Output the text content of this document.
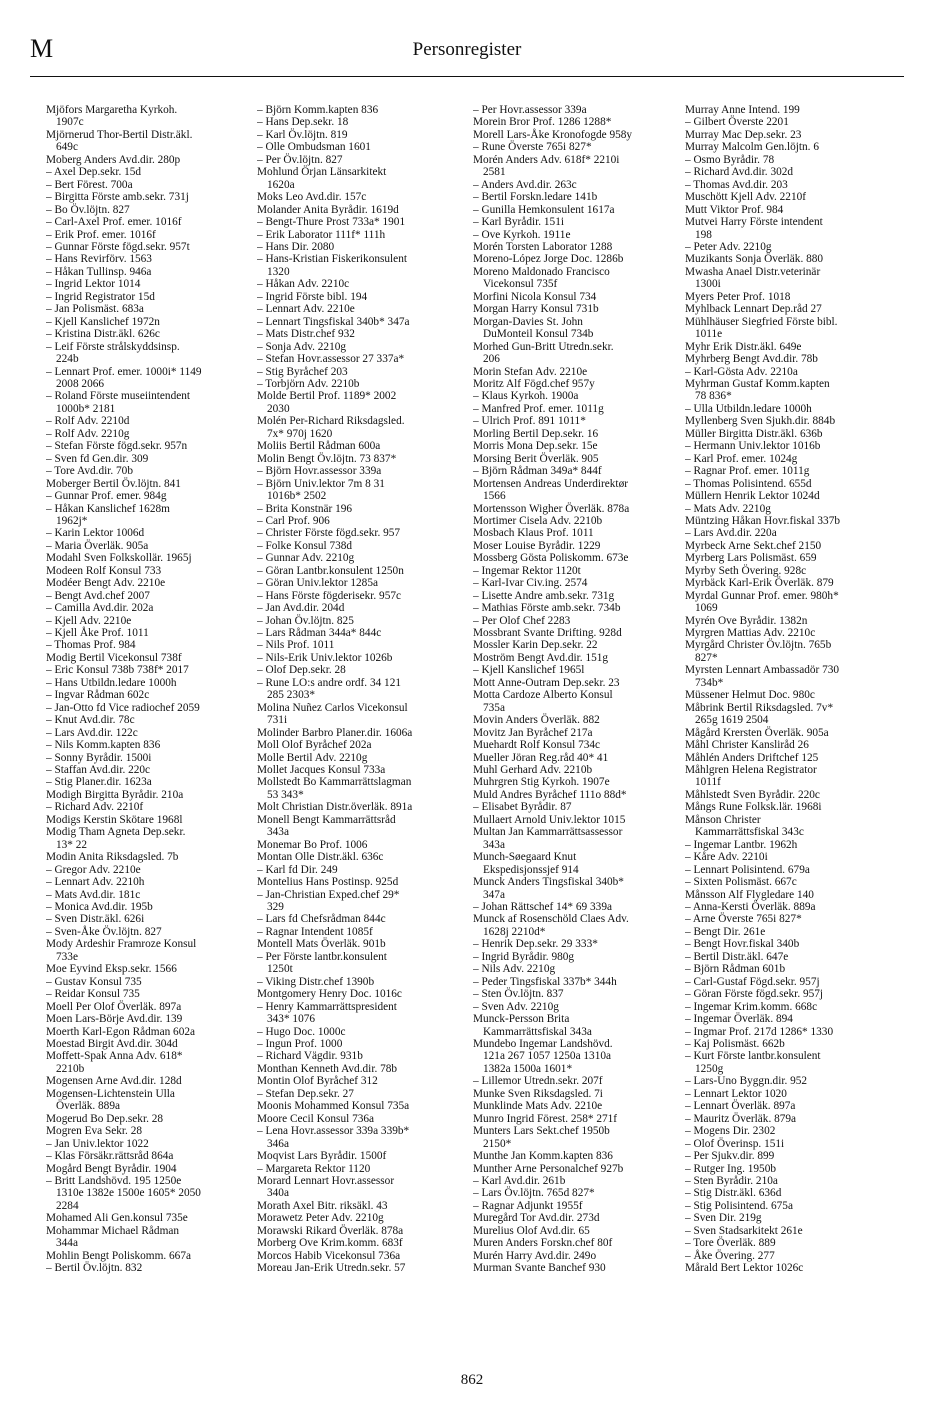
M	Personregister
Mjöfors Margaretha Kyrkoh.
1907c
Mjörnerud Thor-Bertil Distr.äkl.
649c
Moberg Anders Avd.dir. 280p
– Axel Dep.sekr. 15d
– Bert Förest. 700a
– Birgitta Förste amb.sekr. 731j
– Bo Öv.löjtn. 827
– Carl-Axel Prof. emer. 1016f
– Erik Prof. emer. 1016f
– Gunnar Förste fögd.sekr. 957t
– Hans Revirförv. 1563
– Håkan Tullinsp. 946a
– Ingrid Lektor 1014
– Ingrid Registrator 15d
– Jan Polismäst. 683a
– Kjell Kanslichef 1972n
– Kristina Distr.äkl. 626c
– Leif Förste strålskyddsinsp.
224b
– Lennart Prof. emer. 1000i* 1149
2008 2066
– Roland Förste museiintendent
1000b* 2181
– Rolf Adv. 2210d
– Rolf Adv. 2210g
– Stefan Förste fögd.sekr. 957n
– Sven fd Gen.dir. 309
– Tore Avd.dir. 70b
Moberger Bertil Öv.löjtn. 841
– Gunnar Prof. emer. 984g
– Håkan Kanslichef 1628m
1962j*
– Karin Lektor 1006d
– Maria Överläk. 905a
Modahl Sven Folkskollär. 1965j
Modeen Rolf Konsul 733
Modéer Bengt Adv. 2210e
– Bengt Avd.chef 2007
– Camilla Avd.dir. 202a
– Kjell Adv. 2210e
– Kjell Åke Prof. 1011
– Thomas Prof. 984
Modig Bertil Vicekonsul 738f
– Eric Konsul 738b 738f* 2017
– Hans Utbildn.ledare 1000h
– Ingvar Rådman 602c
– Jan-Otto fd Vice radiochef 2059
– Knut Avd.dir. 78c
– Lars Avd.dir. 122c
– Nils Komm.kapten 836
– Sonny Byrådir. 1500i
– Staffan Avd.dir. 220c
– Stig Planer.dir. 1623a
Modigh Birgitta Byrådir. 210a
– Richard Adv. 2210f
Modigs Kerstin Skötare 1968l
Modig Tham Agneta Dep.sekr.
13* 22
Modin Anita Riksdagsled. 7b
– Gregor Adv. 2210e
– Lennart Adv. 2210h
– Mats Avd.dir. 181c
– Monica Avd.dir. 195b
– Sven Distr.äkl. 626i
– Sven-Åke Öv.löjtn. 827
Mody Ardeshir Framroze Konsul
733e
Moe Eyvind Eksp.sekr. 1566
– Gustav Konsul 735
– Reidar Konsul 735
Moell Per Olof Överläk. 897a
Moen Lars-Börje Avd.dir. 139
Moerth Karl-Egon Rådman 602a
Moestad Birgit Avd.dir. 304d
Moffett-Spak Anna Adv. 618*
2210b
Mogensen Arne Avd.dir. 128d
Mogensen-Lichtenstein Ulla
Överläk. 889a
Mogerud Bo Dep.sekr. 28
Mogren Eva Sekr. 28
– Jan Univ.lektor 1022
– Klas Försäkr.rättsråd 864a
Mogård Bengt Byrådir. 1904
– Britt Landshövd. 195 1250e
1310e 1382e 1500e 1605* 2050
2284
Mohamed Ali Gen.konsul 735e
Mohammar Michael Rådman
344a
Mohlin Bengt Poliskomm. 667a
– Bertil Öv.löjtn. 832
– Björn Komm.kapten 836
– Hans Dep.sekr. 18
– Karl Öv.löjtn. 819
– Olle Ombudsman 1601
– Per Öv.löjtn. 827
Mohlund Örjan Länsarkitekt
1620a
Moks Leo Avd.dir. 157c
Molander Anita Byrådir. 1619d
– Bengt-Thure Prost 733a* 1901
– Erik Laborator 111f* 111h
– Hans Dir. 2080
– Hans-Kristian Fiskerikonsulent
1320
– Håkan Adv. 2210c
– Ingrid Förste bibl. 194
– Lennart Adv. 2210e
– Lennart Tingsfiskal 340b* 347a
– Mats Distr.chef 932
– Sonja Adv. 2210g
– Stefan Hovr.assessor 27 337a*
– Stig Byråchef 203
– Torbjörn Adv. 2210b
Molde Bertil Prof. 1189* 2002
2030
Molén Per-Richard Riksdagsled.
7x* 970j 1620
Moliis Bertil Rådman 600a
Molin Bengt Öv.löjtn. 73 837*
– Björn Hovr.assessor 339a
– Björn Univ.lektor 7m 8 31
1016b* 2502
– Brita Konstnär 196
– Carl Prof. 906
– Christer Förste fögd.sekr. 957
– Folke Konsul 738d
– Gunnar Adv. 2210g
– Göran Lantbr.konsulent 1250n
– Göran Univ.lektor 1285a
– Hans Förste fögderisekr. 957c
– Jan Avd.dir. 204d
– Johan Öv.löjtn. 825
– Lars Rådman 344a* 844c
– Nils Prof. 1011
– Nils-Erik Univ.lektor 1026b
– Olof Dep.sekr. 28
– Rune LO:s andre ordf. 34 121
285 2303*
Molina Nuñez Carlos Vicekonsul
731i
Molinder Barbro Planer.dir. 1606a
Moll Olof Byråchef 202a
Molle Bertil Adv. 2210g
Mollet Jacques Konsul 733a
Mollstedt Bo Kammarrättslagman
53 343*
Molt Christian Distr.överläk. 891a
Monell Bengt Kammarrättsråd
343a
Monemar Bo Prof. 1006
Montan Olle Distr.äkl. 636c
– Karl fd Dir. 249
Montelius Hans Postinsp. 925d
– Jan-Christian Exped.chef 29*
329
– Lars fd Chefsrådman 844c
– Ragnar Intendent 1085f
Montell Mats Överläk. 901b
– Per Förste lantbr.konsulent
1250t
– Viking Distr.chef 1390b
Montgomery Henry Doc. 1016c
– Henry Kammarrättspresident
343* 1076
– Hugo Doc. 1000c
– Ingun Prof. 1000
– Richard Vägdir. 931b
Monthan Kenneth Avd.dir. 78b
Montin Olof Byråchef 312
– Stefan Dep.sekr. 27
Moonis Mohammed Konsul 735a
Moore Cecil Konsul 736a
– Lena Hovr.assessor 339a 339b*
346a
Moqvist Lars Byrådir. 1500f
– Margareta Rektor 1120
Morard Lennart Hovr.assessor
340a
Morath Axel Bitr. riksäkl. 43
Morawetz Peter Adv. 2210g
Morawski Rikard Överläk. 878a
Morberg Ove Krim.komm. 683f
Morcos Habib Vicekonsul 736a
Moreau Jan-Erik Utredn.sekr. 57
– Per Hovr.assessor 339a
Morein Bror Prof. 1286 1288*
Morell Lars-Åke Kronofogde 958y
– Rune Överste 765i 827*
Morén Anders Adv. 618f* 2210i
2581
– Anders Avd.dir. 263c
– Bertil Forskn.ledare 141b
– Gunilla Hemkonsulent 1617a
– Karl Byrådir. 151i
– Ove Kyrkoh. 1911e
Morén Torsten Laborator 1288
Moreno-López Jorge Doc. 1286b
Moreno Maldonado Francisco
Vicekonsul 735f
Morfini Nicola Konsul 734
Morgan Harry Konsul 731b
Morgan-Davies St. John
DuMonteil Konsul 734b
Morhed Gun-Britt Utredn.sekr.
206
Morin Stefan Adv. 2210e
Moritz Alf Fögd.chef 957y
– Klaus Kyrkoh. 1900a
– Manfred Prof. emer. 1011g
– Ulrich Prof. 891 1011*
Morling Bertil Dep.sekr. 16
Morris Mona Dep.sekr. 15e
Morsing Berit Överläk. 905
– Björn Rådman 349a* 844f
Mortensen Andreas Underdirektør
1566
Mortensson Wigher Överläk. 878a
Mortimer Cisela Adv. 2210b
Mosbach Klaus Prof. 1011
Moser Louise Byrådir. 1229
Mossberg Gösta Poliskomm. 673e
– Ingemar Rektor 1120t
– Karl-Ivar Civ.ing. 2574
– Lisette Andre amb.sekr. 731g
– Mathias Förste amb.sekr. 734b
– Per Olof Chef 2283
Mossbrant Svante Drifting. 928d
Mossler Karin Dep.sekr. 22
Moström Bengt Avd.dir. 151g
– Kjell Kanslichef 1965l
Mott Anne-Outram Dep.sekr. 23
Motta Cardoze Alberto Konsul
735a
Movin Anders Överläk. 882
Movitz Jan Byråchef 217a
Muehardt Rolf Konsul 734c
Mueller Jöran Reg.råd 40* 41
Muhl Gerhard Adv. 2210b
Muhrgren Stig Kyrkoh. 1907e
Muld Andres Byråchef 111o 88d*
– Elisabet Byrådir. 87
Mullaert Arnold Univ.lektor 1015
Multan Jan Kammarrättsassessor
343a
Munch-Søegaard Knut
Ekspedisjonssjef 914
Munck Anders Tingsfiskal 340b*
347a
– Johan Rättschef 14* 69 339a
Munck af Rosenschöld Claes Adv.
1628j 2210d*
– Henrik Dep.sekr. 29 333*
– Ingrid Byrådir. 980g
– Nils Adv. 2210g
– Peder Tingsfiskal 337b* 344h
– Sten Öv.löjtn. 837
– Sven Adv. 2210g
Munck-Persson Brita
Kammarrättsfiskal 343a
Mundebo Ingemar Landshövd.
121a 267 1057 1250a 1310a
1382a 1500a 1601*
– Lillemor Utredn.sekr. 207f
Munke Sven Riksdagsled. 7i
Munklinde Mats Adv. 2210e
Munro Ingrid Förest. 258* 271f
Munters Lars Sekt.chef 1950b
2150*
Munthe Jan Komm.kapten 836
Munther Arne Personalchef 927b
– Karl Avd.dir. 261b
– Lars Öv.löjtn. 765d 827*
– Ragnar Adjunkt 1955f
Muregård Tor Avd.dir. 273d
Murelius Olof Avd.dir. 65
Muren Anders Forskn.chef 80f
Murén Harry Avd.dir. 249o
Murman Svante Banchef 930
Murray Anne Intend. 199
– Gilbert Överste 2201
Murray Mac Dep.sekr. 23
Murray Malcolm Gen.löjtn. 6
– Osmo Byrådir. 78
– Richard Avd.dir. 302d
– Thomas Avd.dir. 203
Muschött Kjell Adv. 2210f
Mutt Viktor Prof. 984
Mutvei Harry Förste intendent
198
– Peter Adv. 2210g
Muzikants Sonja Överläk. 880
Mwasha Anael Distr.veterinär
1300i
Myers Peter Prof. 1018
Myhlback Lennart Dep.råd 27
Mühlhäuser Siegfried Förste bibl.
1011e
Myhr Erik Distr.äkl. 649e
Myhrberg Bengt Avd.dir. 78b
– Karl-Gösta Adv. 2210a
Myhrman Gustaf Komm.kapten
78 836*
– Ulla Utbildn.ledare 1000h
Myllenberg Sven Sjukh.dir. 884b
Müller Birgitta Distr.äkl. 636b
– Hermann Univ.lektor 1016b
– Karl Prof. emer. 1024g
– Ragnar Prof. emer. 1011g
– Thomas Polisintend. 655d
Müllern Henrik Lektor 1024d
– Mats Adv. 2210g
Müntzing Håkan Hovr.fiskal 337b
– Lars Avd.dir. 220a
Myrbeck Arne Sekt.chef 2150
Myrberg Lars Polismäst. 659
Myrby Seth Övering. 928c
Myrbäck Karl-Erik Överläk. 879
Myrdal Gunnar Prof. emer. 980h*
1069
Myrén Ove Byrådir. 1382n
Myrgren Mattias Adv. 2210c
Myrgård Christer Öv.löjtn. 765b
827*
Myrsten Lennart Ambassadör 730
734b*
Müssener Helmut Doc. 980c
Måbrink Bertil Riksdagsled. 7v*
265g 1619 2504
Mågård Krersten Överläk. 905a
Måhl Christer Kansliråd 26
Måhlén Anders Driftchef 125
Måhlgren Helena Registrator
1011f
Måhlstedt Sven Byrådir. 220c
Mångs Rune Folksk.lär. 1968i
Månson Christer
Kammarrättsfiskal 343c
– Ingemar Lantbr. 1962h
– Kåre Adv. 2210i
– Lennart Polisintend. 679a
– Sixten Polismäst. 667c
Månsson Alf Flygledare 140
– Anna-Kersti Överläk. 889a
– Arne Överste 765i 827*
– Bengt Dir. 261e
– Bengt Hovr.fiskal 340b
– Bertil Distr.äkl. 647e
– Björn Rådman 601b
– Carl-Gustaf Fögd.sekr. 957j
– Göran Förste fögd.sekr. 957j
– Ingemar Krim.komm. 668c
– Ingemar Överläk. 894
– Ingmar Prof. 217d 1286* 1330
– Kaj Polismäst. 662b
– Kurt Förste lantbr.konsulent
1250g
– Lars-Uno Byggn.dir. 952
– Lennart Lektor 1020
– Lennart Överläk. 897a
– Mauritz Överläk. 879a
– Mogens Dir. 2302
– Olof Överinsp. 151i
– Per Sjukv.dir. 899
– Rutger Ing. 1950b
– Sten Byrådir. 210a
– Stig Distr.äkl. 636d
– Stig Polisintend. 675a
– Sven Dir. 219g
– Sven Stadsarkitekt 261e
– Tore Överläk. 889
– Åke Övering. 277
Mårald Bert Lektor 1026c
862
